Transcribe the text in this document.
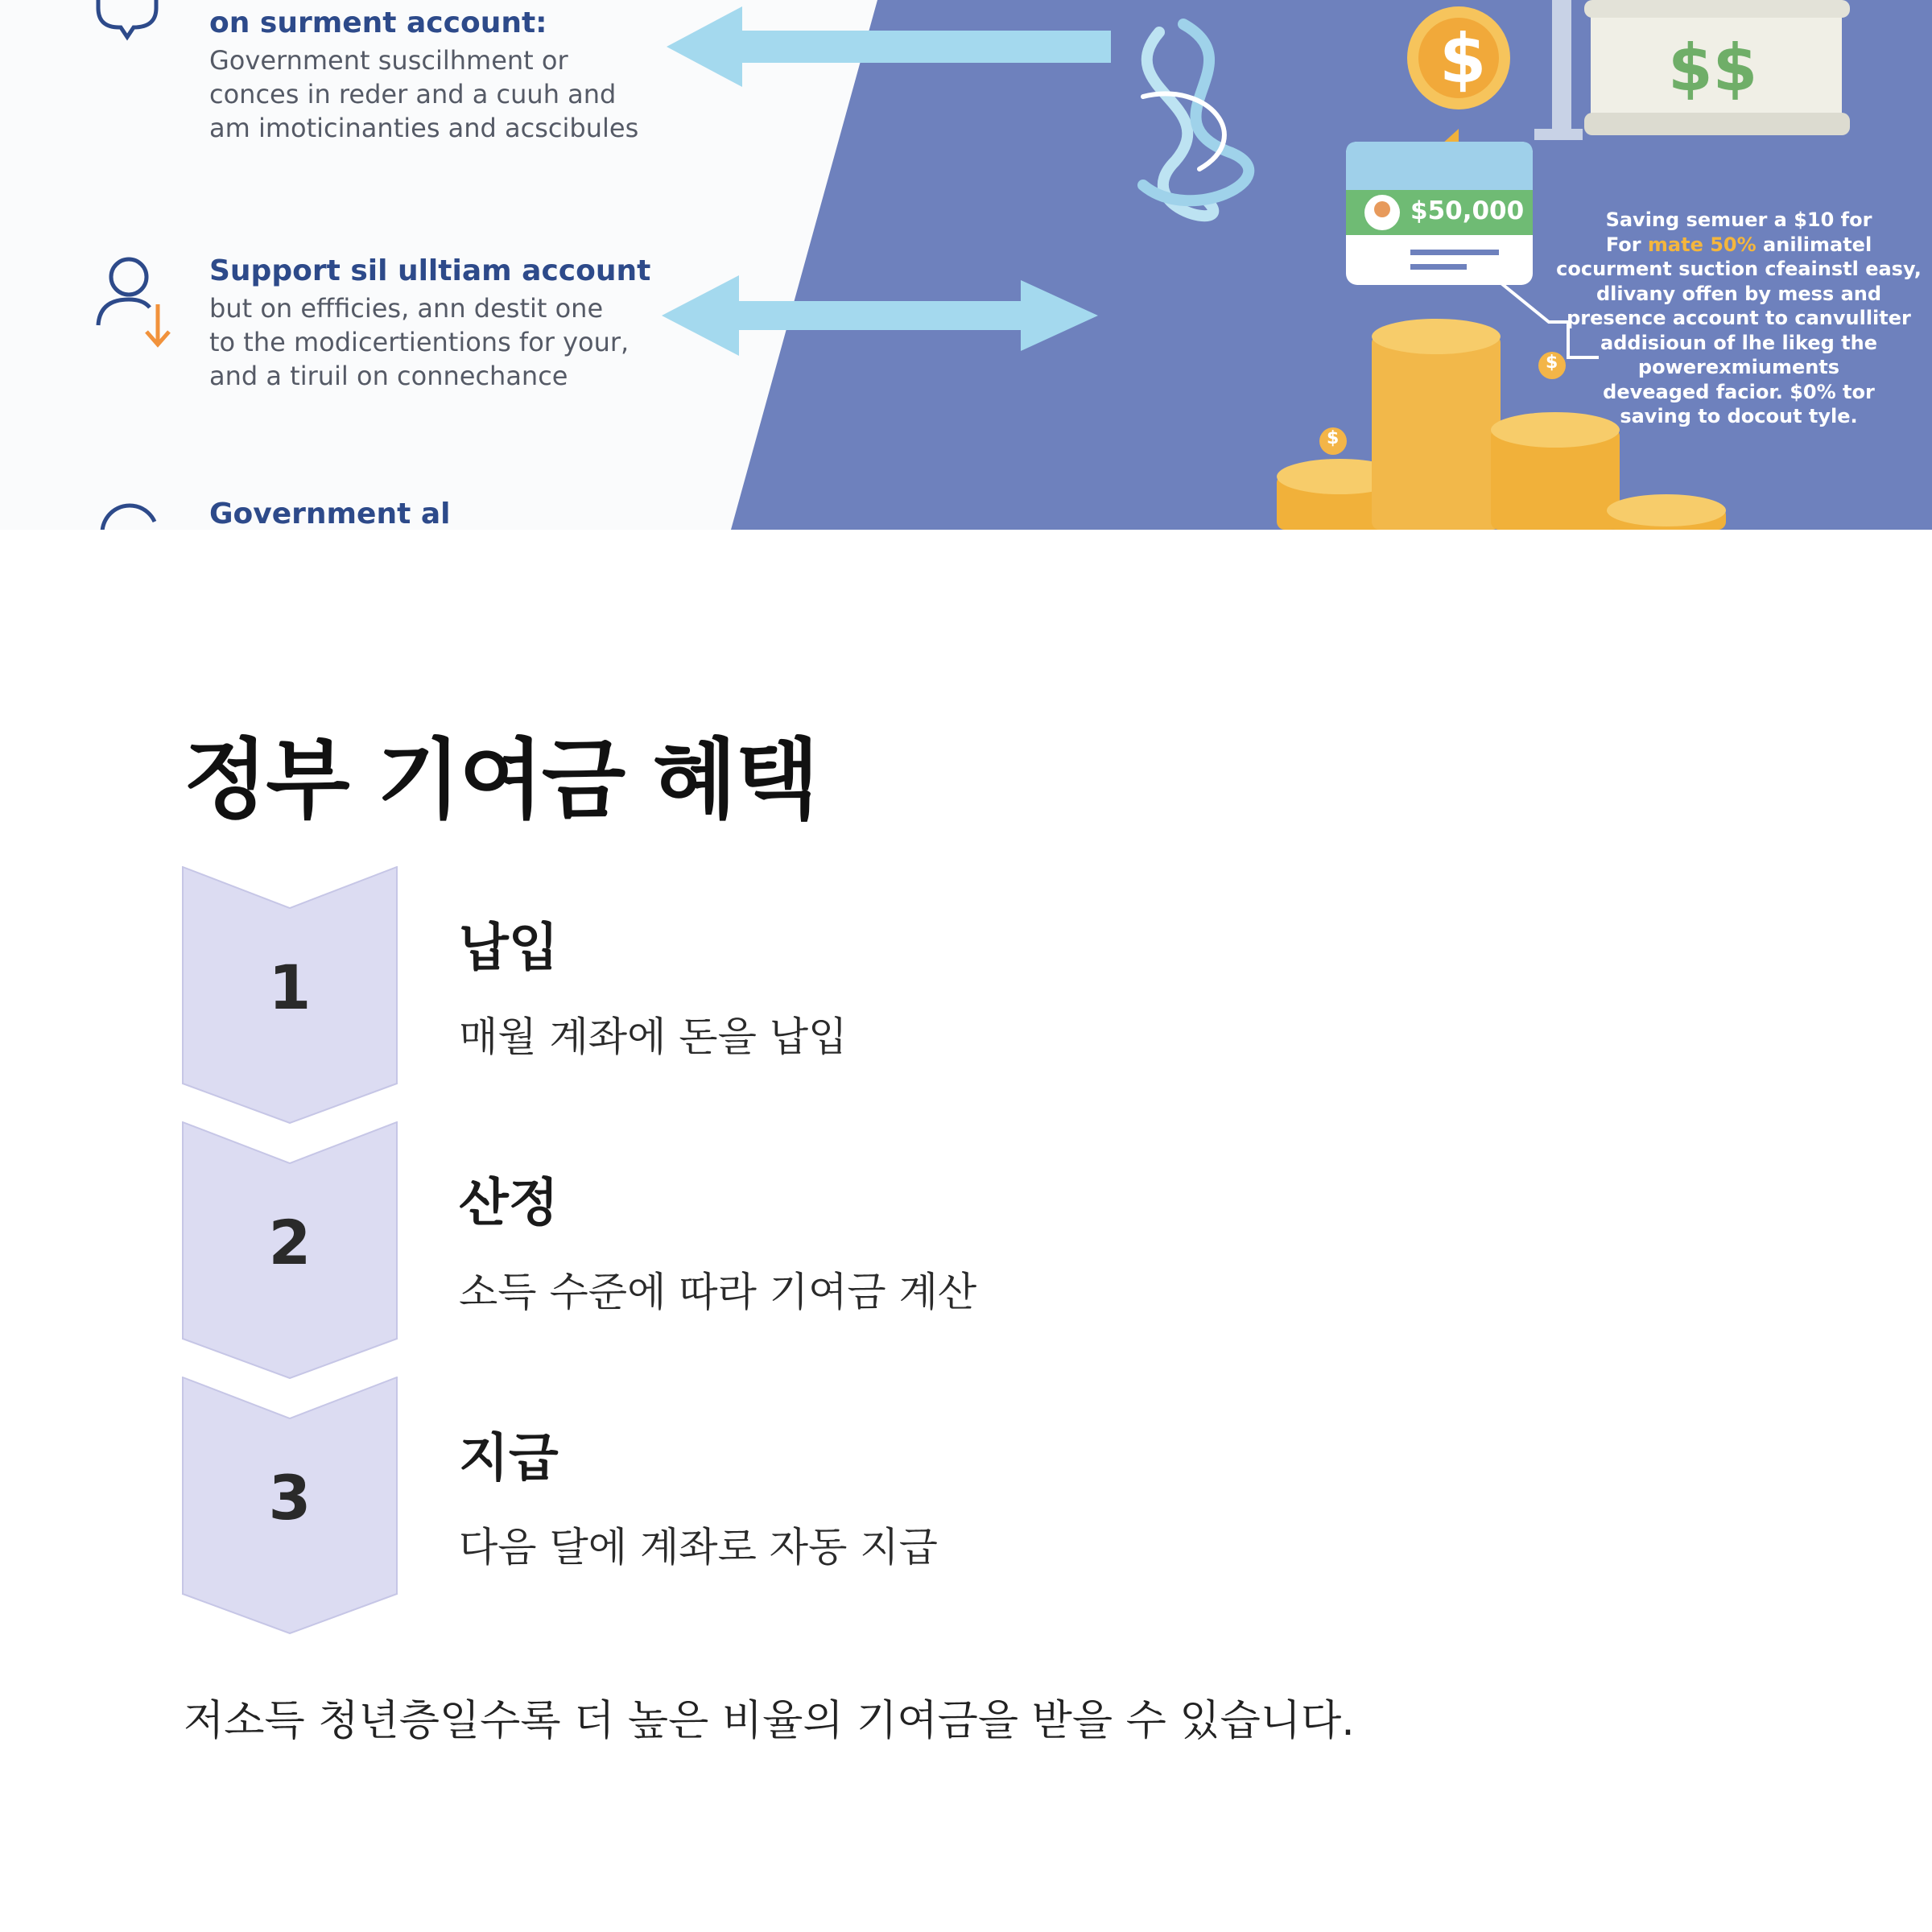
on surment account:
Government suscilhment or
conces in reder and a cuuh and
am imoticinanties and acscibules
Support sil ulltiam account
but on effficies, ann destit one
to the modicertientions for your,
and a tiruil on connechance
Government al
$	$$
$50,000
$
$
Saving semuer a $10 for
For mate 50% anilimatel
cocurment suction cfeainstl easy,
dlivany offen by mess and
presence account to canvulliter
addisioun of lhe likeg the
powerexmiuments
deveaged facior. $0% tor
saving to docout tyle.
정부 기여금 혜택
1
납입
매월 계좌에 돈을 납입
2
산정
소득 수준에 따라 기여금 계산
3
지급
다음 달에 계좌로 자동 지급

저소득 청년층일수록 더 높은 비율의 기여금을 받을 수 있습니다.
